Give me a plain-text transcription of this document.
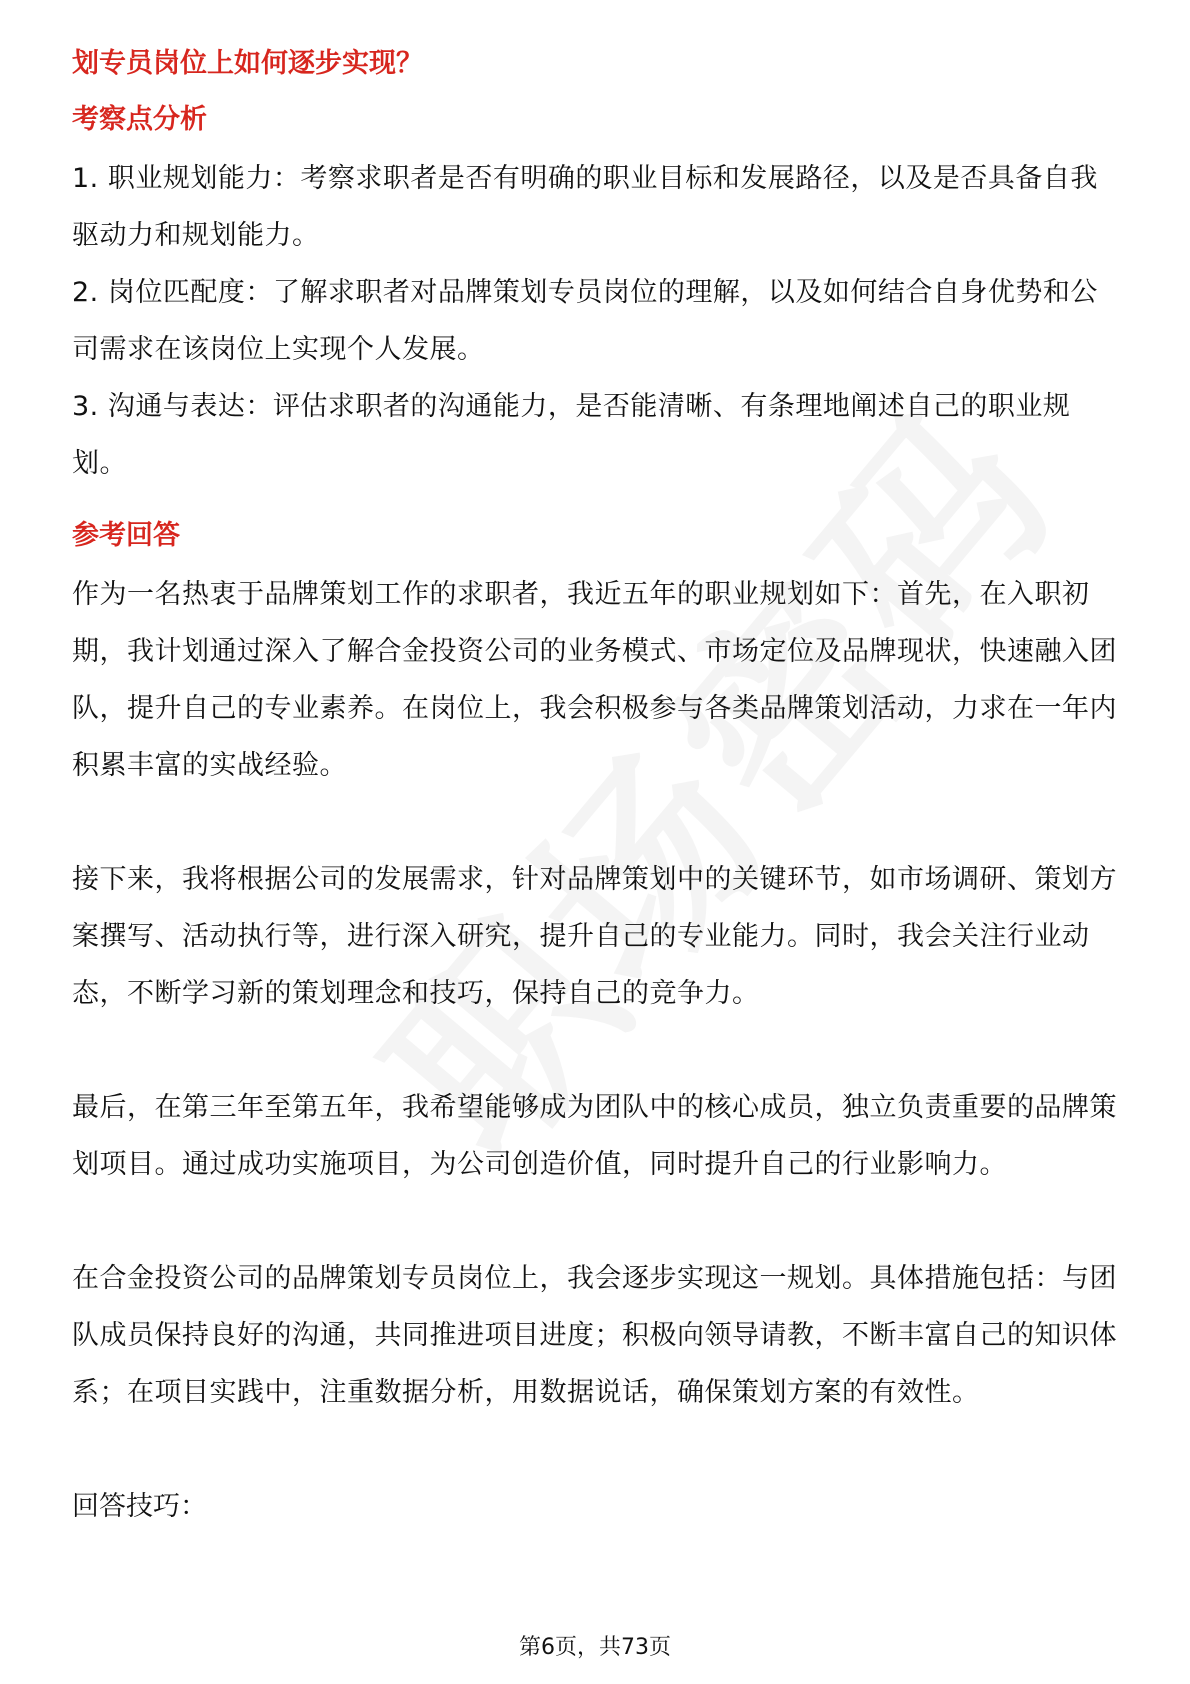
划专员岗位上如何逐步实现？
考察点分析

1. 职业规划能力：考察求职者是否有明确的职业目标和发展路径，以及是否具备自我驱动力和规划能力。

2. 岗位匹配度：了解求职者对品牌策划专员岗位的理解，以及如何结合自身优势和公司需求在该岗位上实现个人发展。

3. 沟通与表达：评估求职者的沟通能力，是否能清晰、有条理地阐述自己的职业规划。

参考回答

作为一名热衷于品牌策划工作的求职者，我近五年的职业规划如下：首先，在入职初期，我计划通过深入了解合金投资公司的业务模式、市场定位及品牌现状，快速融入团队，提升自己的专业素养。在岗位上，我会积极参与各类品牌策划活动，力求在一年内积累丰富的实战经验。

接下来，我将根据公司的发展需求，针对品牌策划中的关键环节，如市场调研、策划方案撰写、活动执行等，进行深入研究，提升自己的专业能力。同时，我会关注行业动态，不断学习新的策划理念和技巧，保持自己的竞争力。

最后，在第三年至第五年，我希望能够成为团队中的核心成员，独立负责重要的品牌策划项目。通过成功实施项目，为公司创造价值，同时提升自己的行业影响力。

在合金投资公司的品牌策划专员岗位上，我会逐步实现这一规划。具体措施包括：与团队成员保持良好的沟通，共同推进项目进度；积极向领导请教，不断丰富自己的知识体系；在项目实践中，注重数据分析，用数据说话，确保策划方案的有效性。

回答技巧：
第6页，共73页
